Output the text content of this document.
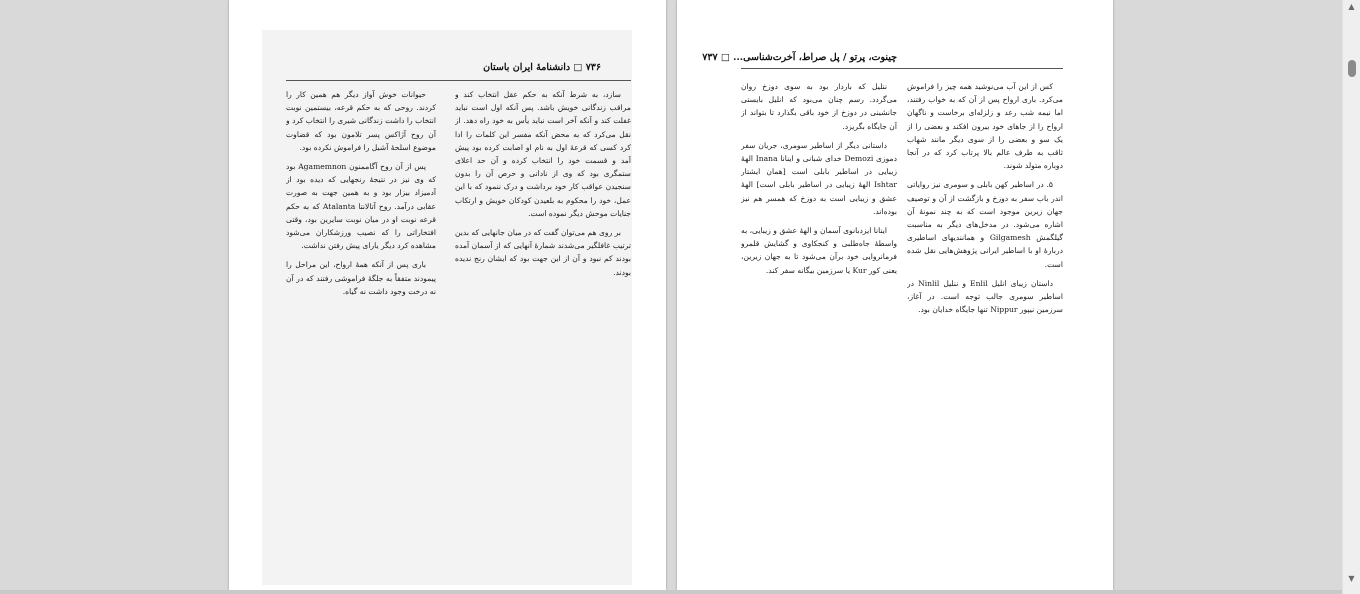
۷۳۶ □ دانشنامهٔ ایران باستان

سازد، به شرط آنکه به حکم عقل انتخاب کند و مراقب زندگانی خویش باشد. پس آنکه اول است نباید غفلت کند و آنکه آخر است نباید یأس به خود راه دهد. از نقل می‌کرد که به محض آنکه مفسر این کلمات را ادا کرد کسی که قرعهٔ اول به نام او اصابت کرده بود پیش آمد و قسمت خود را انتخاب کرده و آن حد اعلای ستمگری بود که وی از نادانی و حرص آن را بدون سنجیدن عواقب کار خود برداشت و درک ننمود که با این عمل، خود را محکوم به بلعیدن کودکان خویش و ارتکاب جنایات موحش دیگر نموده است.

بر روی هم می‌توان گفت که در میان جانهایی که بدین ترتیب غافلگیر می‌شدند شمارهٔ آنهایی که از آسمان آمده بودند کم نبود و آن از این جهت بود که ایشان رنج ندیده بودند.

حیوانات خوش آواز دیگر هم همین کار را کردند. روحی که به حکم قرعه، بیستمین نوبت انتخاب را داشت زندگانی شیری را انتخاب کرد و آن روح آژاکس پسر تلامون بود که قضاوت موضوع اسلحهٔ آشیل را فراموش نکرده بود.

پس از آن روح آگاممنون Agamemnon بود که وی نیز در نتیجهٔ رنجهایی که دیده بود از آدمیزاد بیزار بود و به همین جهت به صورت عقابی درآمد. روح آتالانتا Atalanta که به حکم قرعه نوبت او در میان نوبت سایرین بود، وقتی افتخاراتی را که نصیب ورزشکاران می‌شود مشاهده کرد دیگر یارای پیش رفتن نداشت.

باری پس از آنکه همهٔ ارواح، این مراحل را پیمودند متفقاً به جلگهٔ فراموشی رفتند که در آن نه درخت وجود داشت نه گیاه.

چینوت، پرتو / پل صراط، آخرت‌شناسی... □ ۷۳۷

کس از این آب می‌نوشید همه چیز را فراموش می‌کرد. باری ارواح پس از آن که به خواب رفتند، اما نیمه شب رعد و زلزله‌ای برخاست و ناگهان ارواح را از جاهای خود بیرون افکند و بعضی را از یک سو و بعضی را از سوی دیگر مانند شهاب ثاقب به طرف عالم بالا پرتاب کرد که در آنجا دوباره متولد شوند.

۵. در اساطیر کهن بابلی و سومری نیز روایاتی اندر باب سفر به دوزخ و بازگشت از آن و توصیف جهان زیرین موجود است که به چند نمونهٔ آن اشاره می‌شود. در مدخل‌های دیگر به مناسبت گیلگمش Gilgamesh و همانندیهای اساطیری دربارهٔ او با اساطیر ایرانی پژوهش‌هایی نقل شده است.

داستان زیبای انلیل Enlil و ننلیل Ninlil در اساطیر سومری جالب توجه است. در آغاز، سرزمین نیپور Nippur تنها جایگاه خدایان بود.

ننلیل که باردار بود به سوی دوزخ روان می‌گردد. رسم چنان می‌بود که انلیل بایستی جانشینی در دوزخ از خود باقی بگذارد تا بتواند از آن جایگاه بگریزد.

داستانی دیگر از اساطیر سومری، جریان سفر دموزی Demozi خدای شبانی و اینانا Inana الههٔ زیبایی در اساطیر بابلی است [همان ایشتار Ishtar الههٔ زیبایی در اساطیر بابلی است] الههٔ عشق و زیبایی است به دوزخ که همسر هم نیز بوده‌اند.

اینانا ایزدبانوی آسمان و الههٔ عشق و زیبایی، به واسطهٔ جاه‌طلبی و کنجکاوی و گشایش قلمرو فرمانروایی خود برآن می‌شود تا به جهان زیرین، یعنی کور Kur یا سرزمین بیگانه سفر کند.

▲
▼
